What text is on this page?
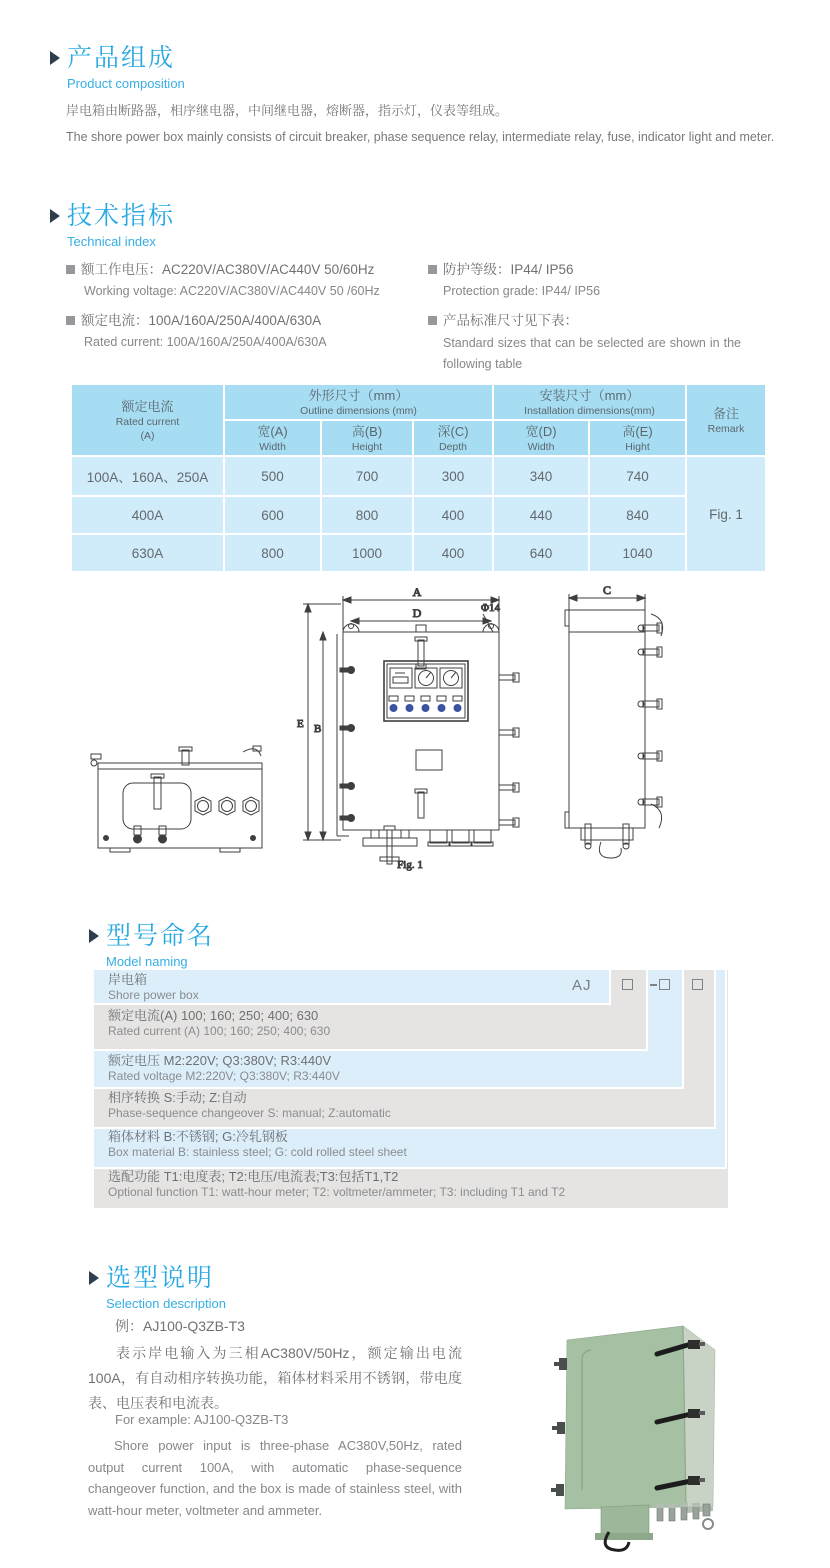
产品组成
Product composition
岸电箱由断路器，相序继电器，中间继电器，熔断器，指示灯，仪表等组成。
The shore power box mainly consists of circuit breaker, phase sequence relay, intermediate relay, fuse, indicator light and meter.
技术指标
Technical index
额工作电压：AC220V/AC380V/AC440V 50/60Hz
Working voltage: AC220V/AC380V/AC440V 50 /60Hz
额定电流：100A/160A/250A/400A/630A
Rated current: 100A/160A/250A/400A/630A
防护等级：IP44/ IP56
Protection grade: IP44/ IP56
产品标准尺寸见下表：
Standard sizes that can be selected are shown in the following table
额定电流
Rated current
(A)	外形尺寸（mm）
Outline dimensions (mm)			安装尺寸（mm）
Installation dimensions(mm)		备注
Remark

	宽(A)
Width	高(B)
Height	深(C)
Depth	宽(D)
Width	高(E)
Hight	

100A、160A、250A	500	700	300	340	740	Fig. 1
400A	600	800	400	440	840	
630A	800	1000	400	640	1040	
A
D	Φ14
E B
Fig. 1
C
型号命名
Model naming
岸电箱
Shore power box
额定电流(A) 100; 160; 250; 400; 630
Rated current (A) 100; 160; 250; 400; 630
额定电压 M2:220V; Q3:380V; R3:440V
Rated voltage M2:220V; Q3:380V; R3:440V
相序转换 S:手动; Z:自动
Phase-sequence changeover S: manual; Z:automatic
箱体材料 B:不锈钢; G:冷轧钢板
Box material B: stainless steel; G: cold rolled steel sheet
选配功能 T1:电度表; T2:电压/电流表;T3:包括T1,T2
Optional function T1: watt-hour meter; T2: voltmeter/ammeter; T3: including T1 and T2
AJ
选型说明
Selection description
例：AJ100-Q3ZB-T3
表示岸电输入为三相AC380V/50Hz，额定输出电流100A，有自动相序转换功能，箱体材料采用不锈钢，带电度表、电压表和电流表。
For example: AJ100-Q3ZB-T3
Shore power input is three-phase AC380V,50Hz, rated output current 100A, with automatic phase-sequence changeover function, and the box is made of stainless steel, with watt-hour meter, voltmeter and ammeter.
